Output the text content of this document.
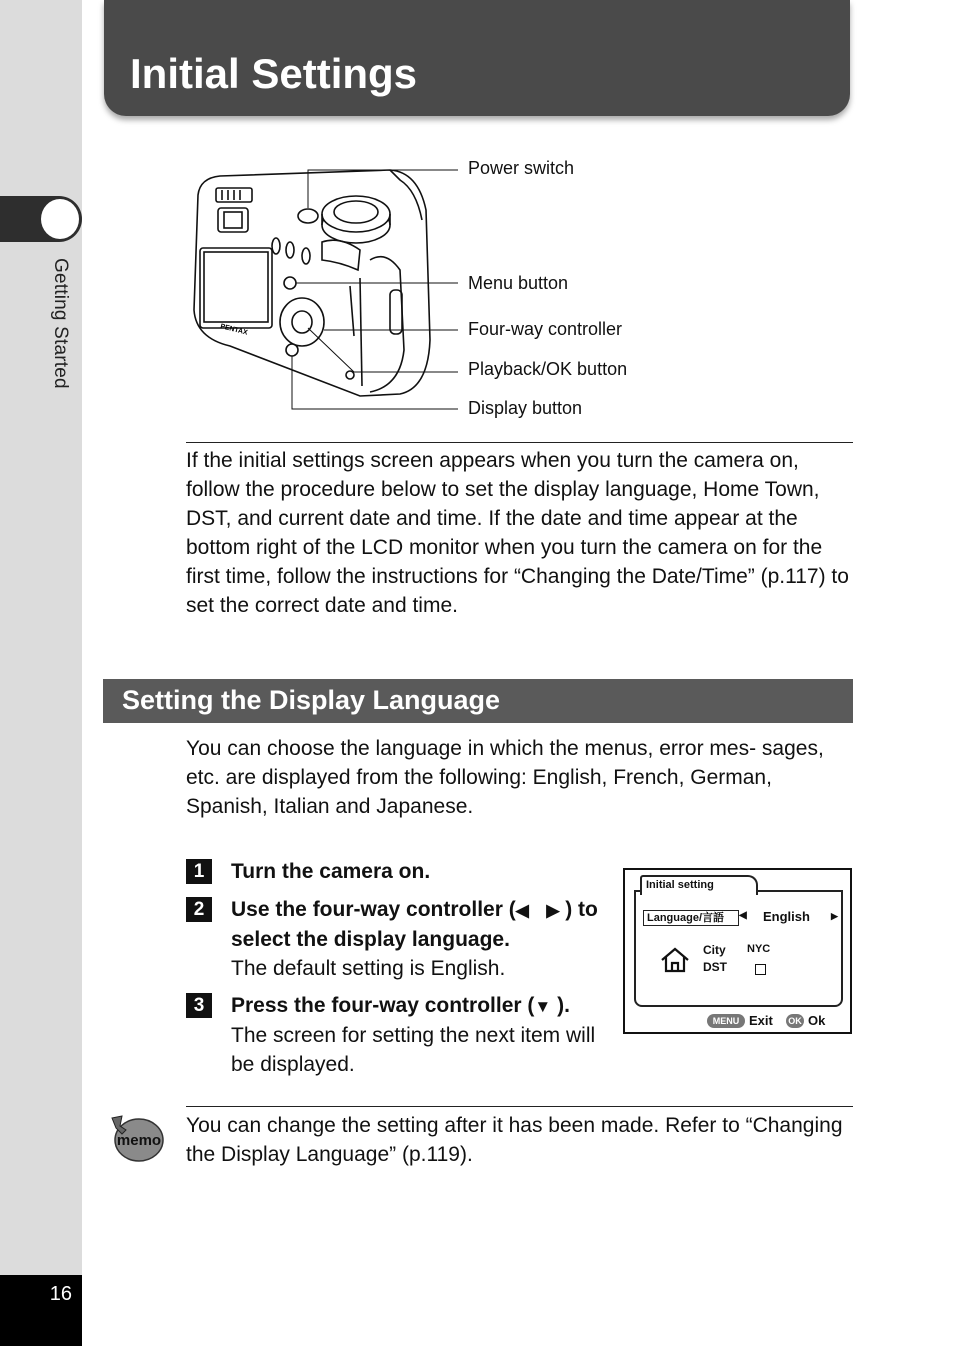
Getting Started
16
Initial Settings
PENTAX
Power switch
Menu button
Four-way controller
Playback/OK button
Display button
If the initial settings screen appears when you turn the camera on, follow the procedure below to set the display language, Home Town, DST, and current date and time. If the date and time appear at the bottom right of the LCD monitor when you turn the camera on for the first time, follow the instructions for “Changing the Date/Time” (p.117) to set the correct date and time.
Setting the Display Language
You can choose the language in which the menus, error mes- sages, etc. are displayed from the following: English, French, German, Spanish, Italian and Japanese.
1	Turn the camera on.
2	Use the four-way controller (◀ ▶ ) to select the display language.
The default setting is English.
3	Press the four-way controller (▼ ).
The screen for setting the next item will be displayed.
Initial setting
Language/言語	◀ English ▶
City NYC
DST
MENU Exit OK Ok
memo
You can change the setting after it has been made. Refer to “Changing the Display Language” (p.119).
